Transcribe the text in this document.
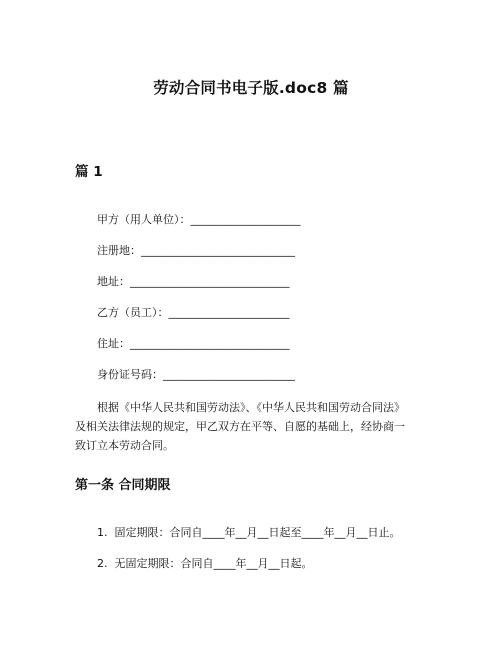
劳动合同书电子版.doc8 篇
篇 1
甲方（用人单位）：____________________
注册地：____________________________
地址：_____________________________
乙方（员工）：______________________
住址：_____________________________
身份证号码：________________________
根据《中华人民共和国劳动法》、《中华人民共和国劳动合同法》
及相关法律法规的规定，甲乙双方在平等、自愿的基础上，经协商一
致订立本劳动合同。
第一条 合同期限
1. 固定期限：合同自____年__月__日起至____年__月__日止。
2. 无固定期限：合同自____年__月__日起。
